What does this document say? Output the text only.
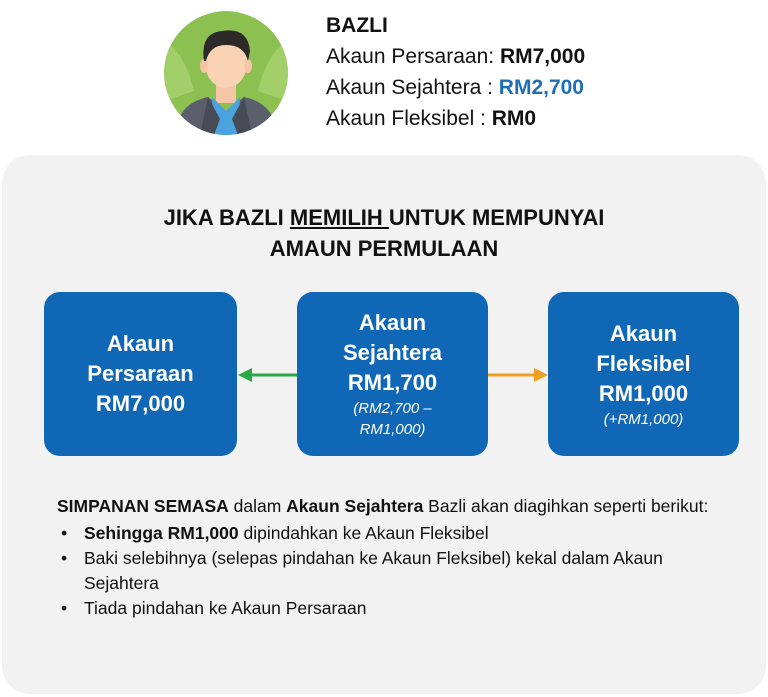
BAZLI
Akaun Persaraan: RM7,000
Akaun Sejahtera : RM2,700
Akaun Fleksibel : RM0
JIKA BAZLI MEMILIH UNTUK MEMPUNYAI
AMAUN PERMULAAN
Akaun
Persaraan
RM7,000
Akaun
Sejahtera
RM1,700
(RM2,700 –
RM1,000)
Akaun
Fleksibel
RM1,000
(+RM1,000)

SIMPANAN SEMASA dalam Akaun Sejahtera Bazli akan diagihkan seperti berikut:

• Sehingga RM1,000 dipindahkan ke Akaun Fleksibel
• Baki selebihnya (selepas pindahan ke Akaun Fleksibel) kekal dalam Akaun Sejahtera
• Tiada pindahan ke Akaun Persaraan
